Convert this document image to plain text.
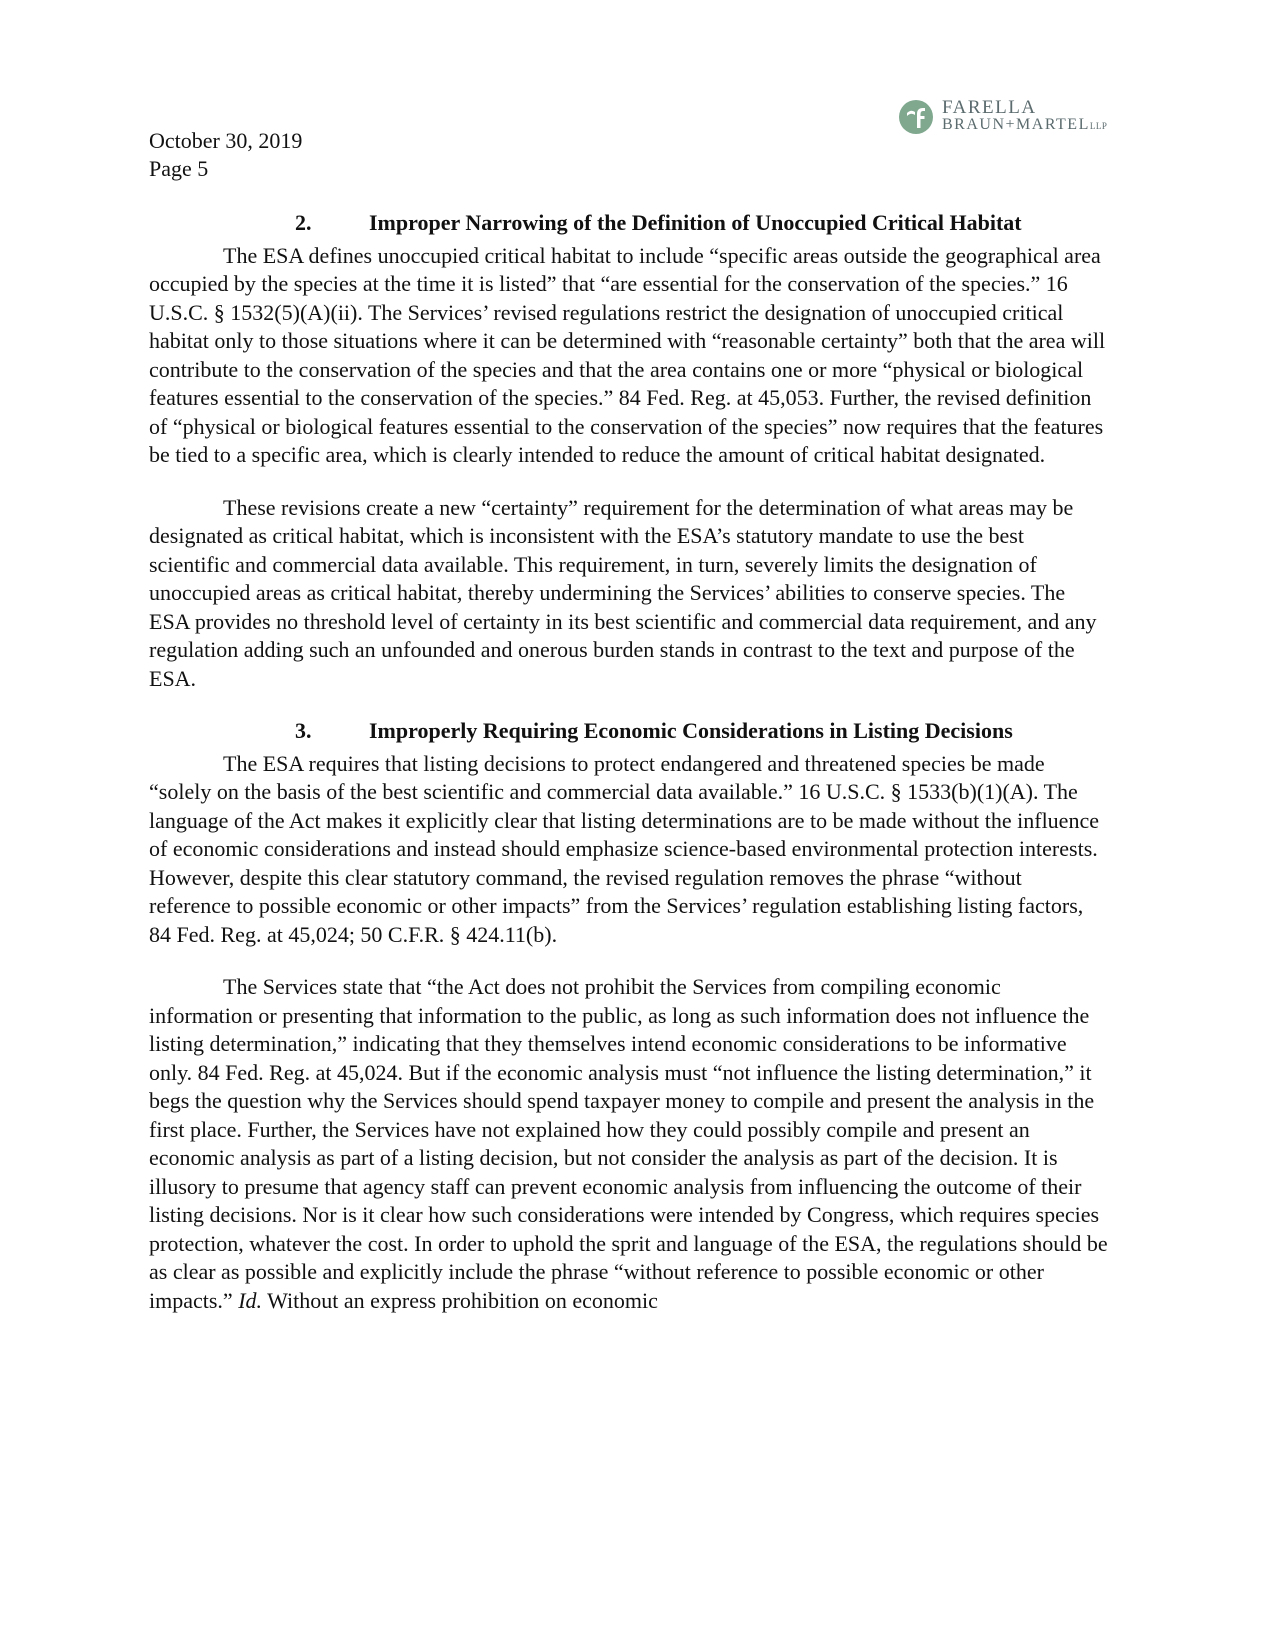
FARELLA
BRAUN+MARTELLLP
October 30, 2019
Page 5
2.	Improper Narrowing of the Definition of Unoccupied Critical Habitat

The ESA defines unoccupied critical habitat to include “specific areas outside the geographical area occupied by the species at the time it is listed” that “are essential for the conservation of the species.” 16 U.S.C. § 1532(5)(A)(ii). The Services’ revised regulations restrict the designation of unoccupied critical habitat only to those situations where it can be determined with “reasonable certainty” both that the area will contribute to the conservation of the species and that the area contains one or more “physical or biological features essential to the conservation of the species.” 84 Fed. Reg. at 45,053. Further, the revised definition of “physical or biological features essential to the conservation of the species” now requires that the features be tied to a specific area, which is clearly intended to reduce the amount of critical habitat designated.

These revisions create a new “certainty” requirement for the determination of what areas may be designated as critical habitat, which is inconsistent with the ESA’s statutory mandate to use the best scientific and commercial data available. This requirement, in turn, severely limits the designation of unoccupied areas as critical habitat, thereby undermining the Services’ abilities to conserve species. The ESA provides no threshold level of certainty in its best scientific and commercial data requirement, and any regulation adding such an unfounded and onerous burden stands in contrast to the text and purpose of the ESA.

3.	Improperly Requiring Economic Considerations in Listing Decisions

The ESA requires that listing decisions to protect endangered and threatened species be made “solely on the basis of the best scientific and commercial data available.” 16 U.S.C. § 1533(b)(1)(A). The language of the Act makes it explicitly clear that listing determinations are to be made without the influence of economic considerations and instead should emphasize science-based environmental protection interests. However, despite this clear statutory command, the revised regulation removes the phrase “without reference to possible economic or other impacts” from the Services’ regulation establishing listing factors, 84 Fed. Reg. at 45,024; 50 C.F.R. § 424.11(b).

The Services state that “the Act does not prohibit the Services from compiling economic information or presenting that information to the public, as long as such information does not influence the listing determination,” indicating that they themselves intend economic considerations to be informative only. 84 Fed. Reg. at 45,024. But if the economic analysis must “not influence the listing determination,” it begs the question why the Services should spend taxpayer money to compile and present the analysis in the first place. Further, the Services have not explained how they could possibly compile and present an economic analysis as part of a listing decision, but not consider the analysis as part of the decision. It is illusory to presume that agency staff can prevent economic analysis from influencing the outcome of their listing decisions. Nor is it clear how such considerations were intended by Congress, which requires species protection, whatever the cost. In order to uphold the sprit and language of the ESA, the regulations should be as clear as possible and explicitly include the phrase “without reference to possible economic or other impacts.” Id. Without an express prohibition on economic
